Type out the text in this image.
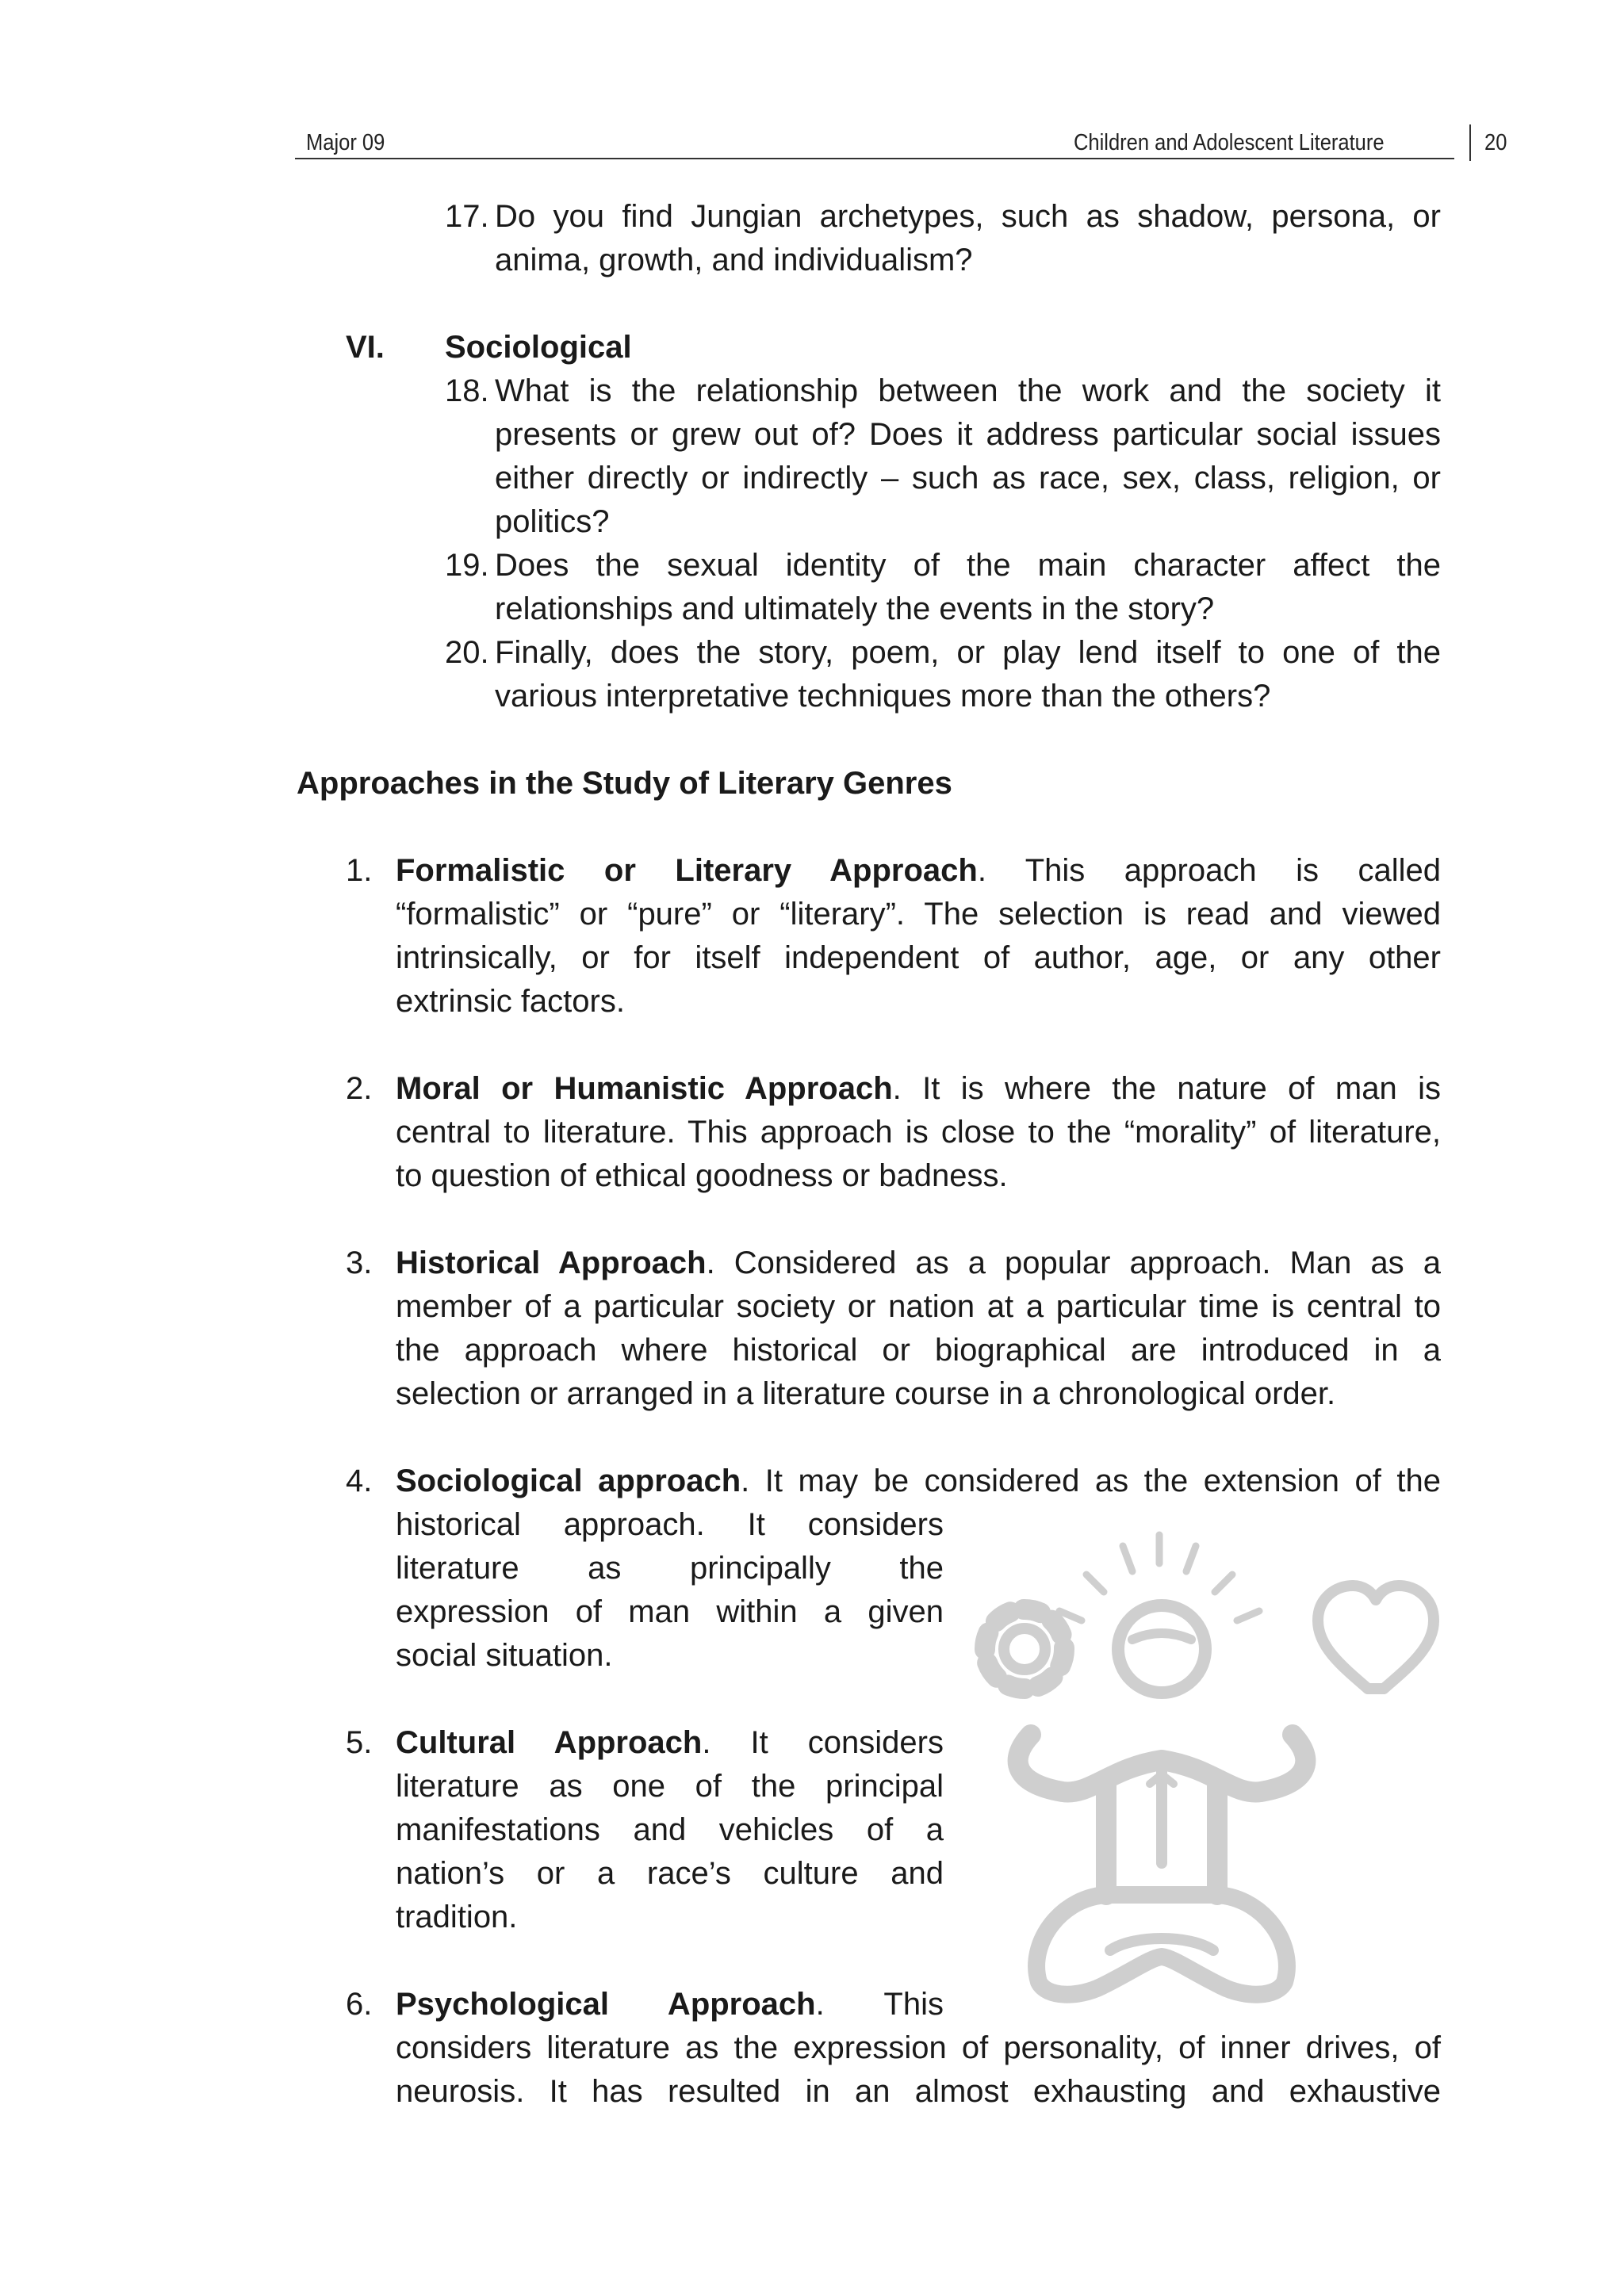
Major 09	Children and Adolescent Literature	20
17. Do you find Jungian archetypes, such as shadow, persona, or
anima, growth, and individualism?
VI. Sociological
18. What is the relationship between the work and the society it
presents or grew out of? Does it address particular social issues
either directly or indirectly – such as race, sex, class, religion, or
politics?
19. Does the sexual identity of the main character affect the
relationships and ultimately the events in the story?
20. Finally, does the story, poem, or play lend itself to one of the
various interpretative techniques more than the others?
Approaches in the Study of Literary Genres
1. Formalistic or Literary Approach. This approach is called
“formalistic” or “pure” or “literary”. The selection is read and viewed
intrinsically, or for itself independent of author, age, or any other
extrinsic factors.
2. Moral or Humanistic Approach. It is where the nature of man is
central to literature. This approach is close to the “morality” of literature,
to question of ethical goodness or badness.
3. Historical Approach. Considered as a popular approach. Man as a
member of a particular society or nation at a particular time is central to
the approach where historical or biographical are introduced in a
selection or arranged in a literature course in a chronological order.
4. Sociological approach. It may be considered as the extension of the
historical approach. It considers
literature as principally the
expression of man within a given
social situation.
5. Cultural Approach. It considers
literature as one of the principal
manifestations and vehicles of a
nation’s or a race’s culture and
tradition.
6. Psychological Approach. This
considers literature as the expression of personality, of inner drives, of
neurosis. It has resulted in an almost exhausting and exhaustive
